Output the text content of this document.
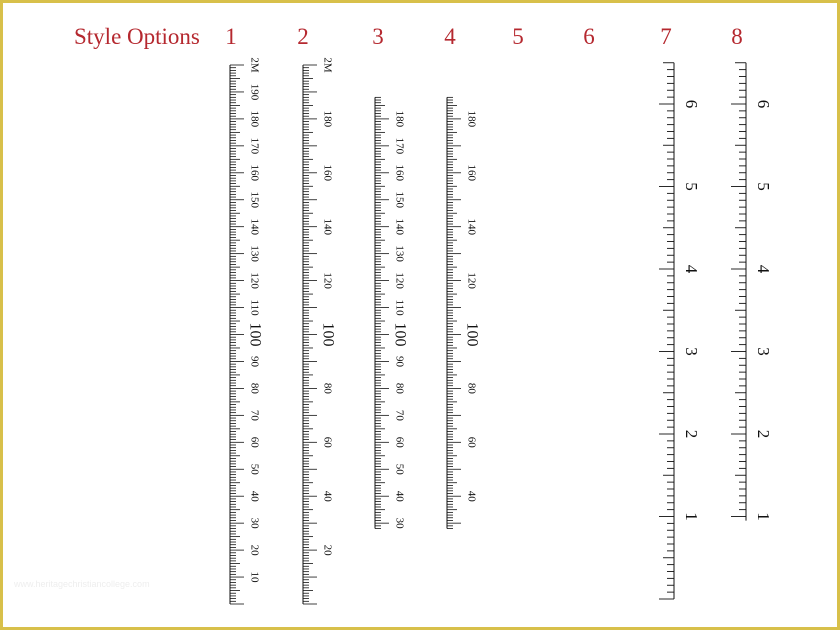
Style Options 1	2	3	4 5	6	7	8
10
20
30
40
50
60
70
80
90
100
110
120
130
140
150
160
170
180
190
2M
20
40
60
80
100
120
140
160
180
2M
30
40
50
60
70
80
90
100
110
120
130
140
150
160
170
180
40
60
80
100
120
140
160
180
1
2
3
4
5
6
1
2
3
4
5
6
www.heritagechristiancollege.com
